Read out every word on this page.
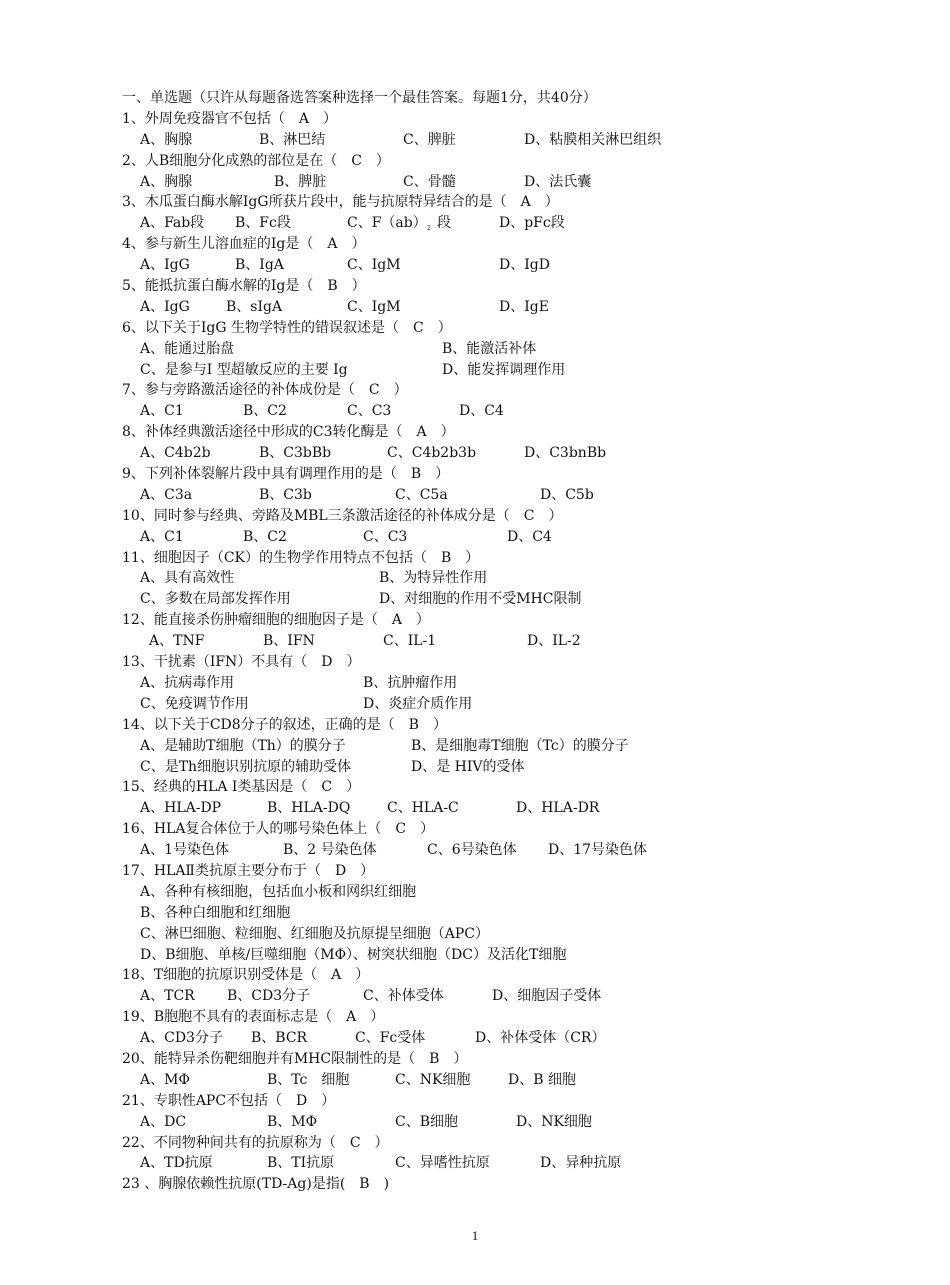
一、单选题（只许从每题备选答案种选择一个最佳答案。每题1分，共40分）
1、外周免疫器官不包括（　A　）
A、胸腺	B、淋巴结	C、脾脏	D、粘膜相关淋巴组织
2、人B细胞分化成熟的部位是在（　C　）
A、胸腺	B、脾脏	C、骨髓	D、法氏囊
3、木瓜蛋白酶水解IgG所获片段中，能与抗原特异结合的是（　A　）
A、Fab段 B、Fc段	C、F（ab） 2 段	D、pFc段
4、参与新生儿溶血症的Ig是（　A　）
A、IgG	B、IgA	C、IgM	D、IgD
5、能抵抗蛋白酶水解的Ig是（　B　）
A、IgG	B、sIgA	C、IgM	D、IgE
6、以下关于IgG 生物学特性的错误叙述是（　C　）
A、能通过胎盘	B、能激活补体
C、是参与I 型超敏反应的主要 Ig	D、能发挥调理作用
7、参与旁路激活途径的补体成份是（　C　）
A、C1	B、C2	C、C3	D、C4
8、补体经典激活途径中形成的C3转化酶是（　A　）
A、C4b2b	B、C3bBb	C、C4b2b3b	D、C3bnBb
9、下列补体裂解片段中具有调理作用的是（　B　）
A、C3a	B、C3b	C、C5a	D、C5b
10、同时参与经典、旁路及MBL三条激活途径的补体成分是（　C　）
A、C1	B、C2	C、C3	D、C4
11、细胞因子（CK）的生物学作用特点不包括（　B　）
A、具有高效性	B、为特异性作用
C、多数在局部发挥作用	D、对细胞的作用不受MHC限制
12、能直接杀伤肿瘤细胞的细胞因子是（　A　）
A、TNF	B、IFN	C、IL-1	D、IL-2
13、干扰素（IFN）不具有（　D　）
A、抗病毒作用	B、抗肿瘤作用
C、免疫调节作用	D、炎症介质作用
14、以下关于CD8分子的叙述，正确的是（　B　）
A、是辅助T细胞（Th）的膜分子	B、是细胞毒T细胞（Tc）的膜分子
C、是Th细胞识别抗原的辅助受体	D、是 HIV的受体
15、经典的HLA I类基因是（　C　）
A、HLA-DP	B、HLA-DQ	C、HLA-C	D、HLA-DR
16、HLA复合体位于人的哪号染色体上（　C　）
A、1号染色体	B、2 号染色体	C、6号染色体 D、17号染色体
17、HLAⅡ类抗原主要分布于（　D　）
A、各种有核细胞，包括血小板和网织红细胞
B、各种白细胞和红细胞
C、淋巴细胞、粒细胞、红细胞及抗原提呈细胞（APC）
D、B细胞、单核/巨噬细胞（MΦ）、树突状细胞（DC）及活化T细胞
18、T细胞的抗原识别受体是（　A　）
A、TCR B、CD3分子	C、补体受体	D、细胞因子受体
19、B胞胞不具有的表面标志是（　A　）
A、CD3分子 B、BCR	C、Fc受体	D、补体受体（CR）
20、能特异杀伤靶细胞并有MHC限制性的是（　B　）
A、MΦ	B、Tc　细胞	C、NK细胞	D、B 细胞
21、专职性APC不包括（　D　）
A、DC	B、MΦ	C、B细胞	D、NK细胞
22、不同物种间共有的抗原称为（　C　）
A、TD抗原	B、TI抗原	C、异嗜性抗原	D、异种抗原
23 、胸腺依赖性抗原(TD-Ag)是指(　B　)
1
